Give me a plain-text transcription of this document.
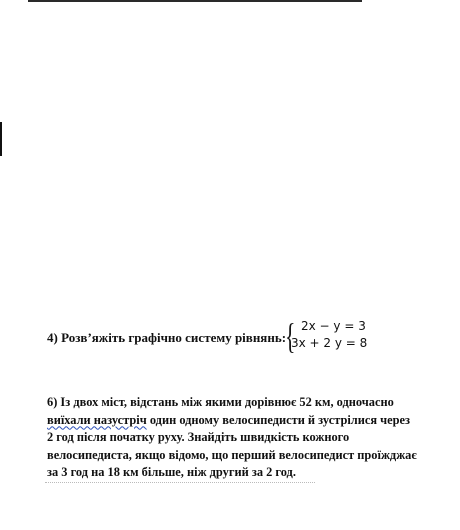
4) Розв’яжіть графічно систему рівнянь:
{ 2x − y = 3
3x + 2 y = 8
6) Із двох міст, відстань між якими дорівнює 52 км, одночасно
виїхали назустріч один одному велосипедисти й зустрілися через
2 год після початку руху. Знайдіть швидкість кожного
велосипедиста, якщо відомо, що перший велосипедист проїжджає
за 3 год на 18 км більше, ніж другий за 2 год.
